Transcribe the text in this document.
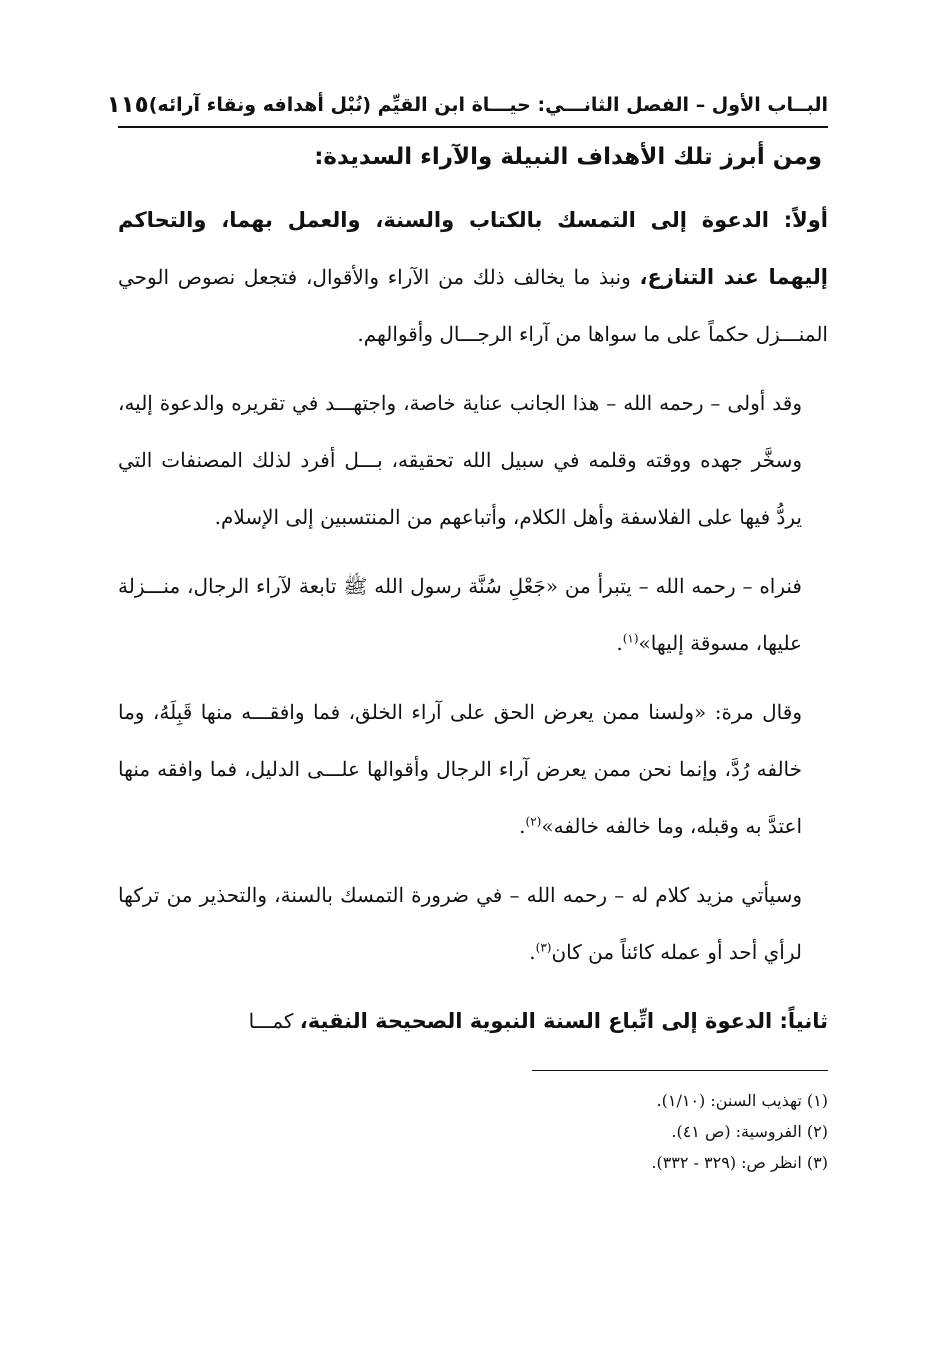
البــاب الأول – الفصل الثانـــي: حيـــاة ابن القيِّم (نُبْل أهدافه ونقاء آرائه)
١١٥
ومن أبرز تلك الأهداف النبيلة والآراء السديدة:

أولاً: الدعوة إلى التمسك بالكتاب والسنة، والعمل بهما، والتحاكم إليهما عند التنازع، ونبذ ما يخالف ذلك من الآراء والأقوال، فتجعل نصوص الوحي المنـــزل حكماً على ما سواها من آراء الرجـــال وأقوالهم.

وقد أولى – رحمه الله – هذا الجانب عناية خاصة، واجتهـــد في تقريره والدعوة إليه، وسخَّر جهده ووقته وقلمه في سبيل الله تحقيقه، بـــل أفرد لذلك المصنفات التي يردُّ فيها على الفلاسفة وأهل الكلام، وأتباعهم من المنتسبين إلى الإسلام.

فنراه – رحمه الله – يتبرأ من «جَعْلِ سُنَّة رسول الله ﷺ تابعة لآراء الرجال، منـــزلة عليها، مسوقة إليها»$^{(١)}$.

وقال مرة: «ولسنا ممن يعرض الحق على آراء الخلق، فما وافقـــه منها قَبِلَهُ، وما خالفه رُدَّ، وإنما نحن ممن يعرض آراء الرجال وأقوالها علـــى الدليل، فما وافقه منها اعتدَّ به وقبله، وما خالفه خالفه»$^{(٢)}$.

وسيأتي مزيد كلام له – رحمه الله – في ضرورة التمسك بالسنة، والتحذير من تركها لرأي أحد أو عمله كائناً من كان$^{(٣)}$.

ثانياً: الدعوة إلى اتِّباع السنة النبوية الصحيحة النقية، كمـــا

(١) تهذيب السنن: (١/١٠).
(٢) الفروسية: (ص ٤١).
(٣) انظر ص: (٣٢٩ - ٣٣٢).
